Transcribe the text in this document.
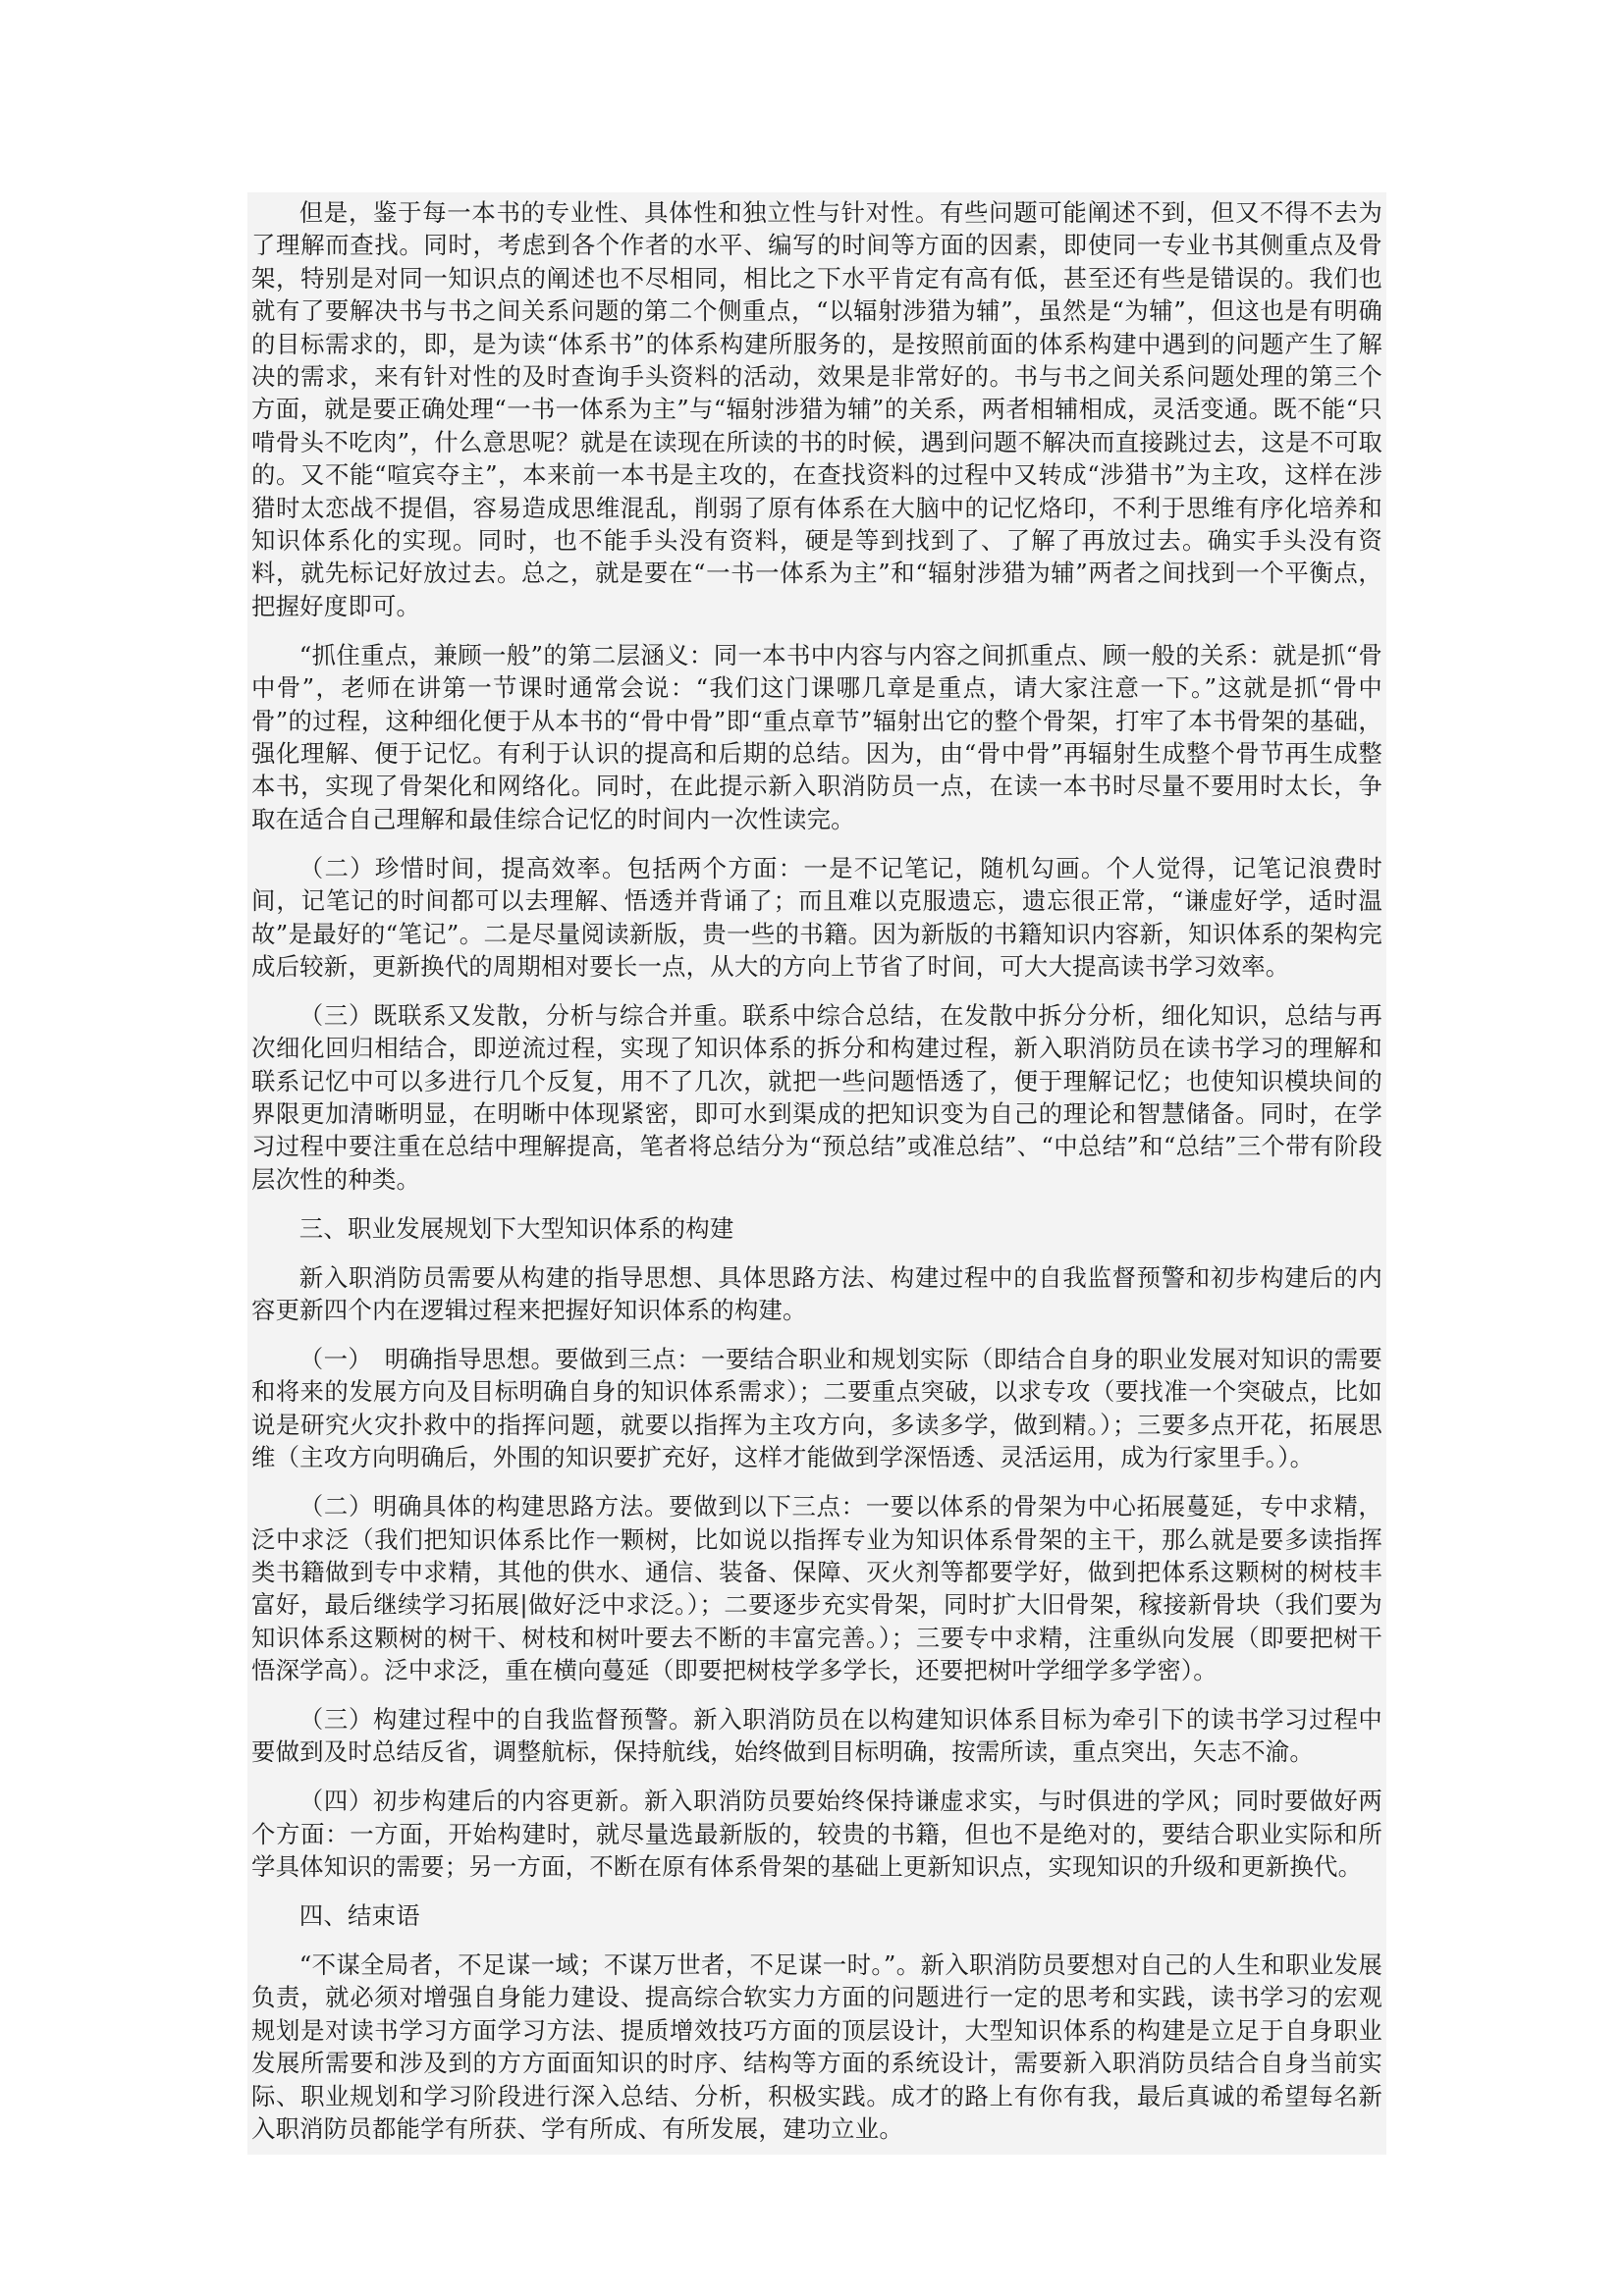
但是，鉴于每一本书的专业性、具体性和独立性与针对性。有些问题可能阐述不到，但又不得不去为了理解而查找。同时，考虑到各个作者的水平、编写的时间等方面的因素，即使同一专业书其侧重点及骨架，特别是对同一知识点的阐述也不尽相同，相比之下水平肯定有高有低，甚至还有些是错误的。我们也就有了要解决书与书之间关系问题的第二个侧重点，“以辐射涉猎为辅”，虽然是“为辅”，但这也是有明确的目标需求的，即，是为读“体系书”的体系构建所服务的，是按照前面的体系构建中遇到的问题产生了解决的需求，来有针对性的及时查询手头资料的活动，效果是非常好的。书与书之间关系问题处理的第三个方面，就是要正确处理“一书一体系为主”与“辐射涉猎为辅”的关系，两者相辅相成，灵活变通。既不能“只啃骨头不吃肉”，什么意思呢？就是在读现在所读的书的时候，遇到问题不解决而直接跳过去，这是不可取的。又不能“喧宾夺主”，本来前一本书是主攻的，在查找资料的过程中又转成“涉猎书”为主攻，这样在涉猎时太恋战不提倡，容易造成思维混乱，削弱了原有体系在大脑中的记忆烙印，不利于思维有序化培养和知识体系化的实现。同时，也不能手头没有资料，硬是等到找到了、了解了再放过去。确实手头没有资料，就先标记好放过去。总之，就是要在“一书一体系为主”和“辐射涉猎为辅”两者之间找到一个平衡点，把握好度即可。

“抓住重点，兼顾一般”的第二层涵义：同一本书中内容与内容之间抓重点、顾一般的关系：就是抓“骨中骨”，老师在讲第一节课时通常会说：“我们这门课哪几章是重点，请大家注意一下。”这就是抓“骨中骨”的过程，这种细化便于从本书的“骨中骨”即“重点章节”辐射出它的整个骨架，打牢了本书骨架的基础，强化理解、便于记忆。有利于认识的提高和后期的总结。因为，由“骨中骨”再辐射生成整个骨节再生成整本书，实现了骨架化和网络化。同时，在此提示新入职消防员一点，在读一本书时尽量不要用时太长，争取在适合自己理解和最佳综合记忆的时间内一次性读完。

（二）珍惜时间，提高效率。包括两个方面：一是不记笔记，随机勾画。个人觉得，记笔记浪费时间，记笔记的时间都可以去理解、悟透并背诵了；而且难以克服遗忘，遗忘很正常，“谦虚好学，适时温故”是最好的“笔记”。二是尽量阅读新版，贵一些的书籍。因为新版的书籍知识内容新，知识体系的架构完成后较新，更新换代的周期相对要长一点，从大的方向上节省了时间，可大大提高读书学习效率。

（三）既联系又发散，分析与综合并重。联系中综合总结，在发散中拆分分析，细化知识，总结与再次细化回归相结合，即逆流过程，实现了知识体系的拆分和构建过程，新入职消防员在读书学习的理解和联系记忆中可以多进行几个反复，用不了几次，就把一些问题悟透了，便于理解记忆；也使知识模块间的界限更加清晰明显，在明晰中体现紧密，即可水到渠成的把知识变为自己的理论和智慧储备。同时，在学习过程中要注重在总结中理解提高，笔者将总结分为“预总结”或准总结”、“中总结”和“总结”三个带有阶段层次性的种类。

三、职业发展规划下大型知识体系的构建

新入职消防员需要从构建的指导思想、具体思路方法、构建过程中的自我监督预警和初步构建后的内容更新四个内在逻辑过程来把握好知识体系的构建。

（一）　明确指导思想。要做到三点：一要结合职业和规划实际（即结合自身的职业发展对知识的需要和将来的发展方向及目标明确自身的知识体系需求）；二要重点突破，以求专攻（要找准一个突破点，比如说是研究火灾扑救中的指挥问题，就要以指挥为主攻方向，多读多学，做到精。）；三要多点开花，拓展思维（主攻方向明确后，外围的知识要扩充好，这样才能做到学深悟透、灵活运用，成为行家里手。）。

（二）明确具体的构建思路方法。要做到以下三点：一要以体系的骨架为中心拓展蔓延，专中求精，泛中求泛（我们把知识体系比作一颗树，比如说以指挥专业为知识体系骨架的主干，那么就是要多读指挥类书籍做到专中求精，其他的供水、通信、装备、保障、灭火剂等都要学好，做到把体系这颗树的树枝丰富好，最后继续学习拓展|做好泛中求泛。）；二要逐步充实骨架，同时扩大旧骨架，稼接新骨块（我们要为知识体系这颗树的树干、树枝和树叶要去不断的丰富完善。）；三要专中求精，注重纵向发展（即要把树干悟深学高）。泛中求泛，重在横向蔓延（即要把树枝学多学长，还要把树叶学细学多学密）。

（三）构建过程中的自我监督预警。新入职消防员在以构建知识体系目标为牵引下的读书学习过程中要做到及时总结反省，调整航标，保持航线，始终做到目标明确，按需所读，重点突出，矢志不渝。

（四）初步构建后的内容更新。新入职消防员要始终保持谦虚求实，与时俱进的学风；同时要做好两个方面：一方面，开始构建时，就尽量选最新版的，较贵的书籍，但也不是绝对的，要结合职业实际和所学具体知识的需要；另一方面，不断在原有体系骨架的基础上更新知识点，实现知识的升级和更新换代。

四、结束语

“不谋全局者，不足谋一域；不谋万世者，不足谋一时。”。新入职消防员要想对自己的人生和职业发展负责，就必须对增强自身能力建设、提高综合软实力方面的问题进行一定的思考和实践，读书学习的宏观规划是对读书学习方面学习方法、提质增效技巧方面的顶层设计，大型知识体系的构建是立足于自身职业发展所需要和涉及到的方方面面知识的时序、结构等方面的系统设计，需要新入职消防员结合自身当前实际、职业规划和学习阶段进行深入总结、分析，积极实践。成才的路上有你有我，最后真诚的希望每名新入职消防员都能学有所获、学有所成、有所发展，建功立业。
